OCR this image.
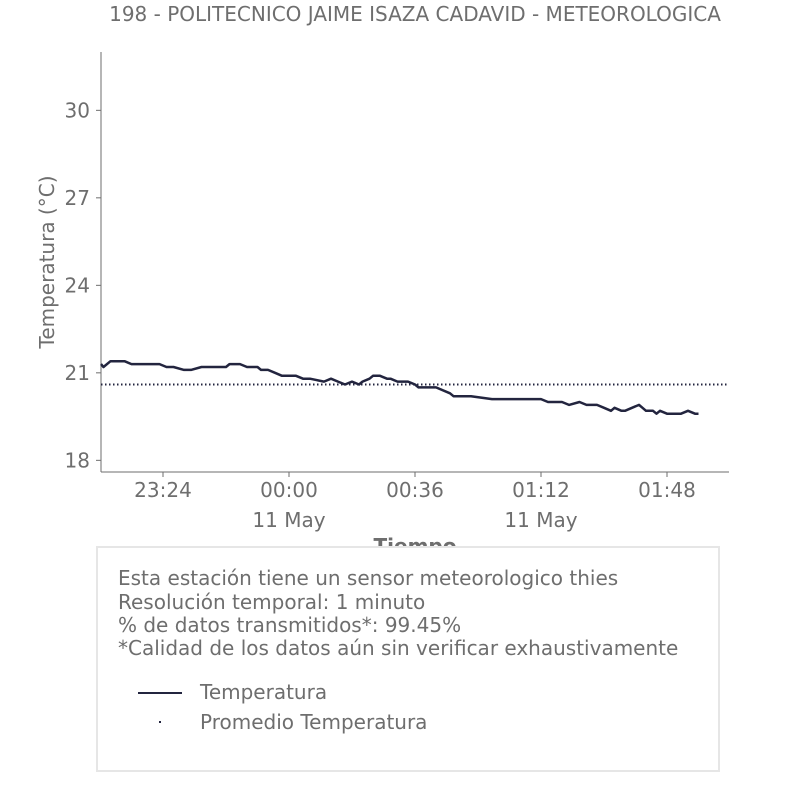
198 - POLITECNICO JAIME ISAZA CADAVID - METEOROLOGICA
18
21
24
27
30
23:24	00:00
11 May
00:36	01:12
11 May
01:48
Temperatura (°C)
Esta estación tiene un sensor meteorologico thies
Resolución temporal: 1 minuto
% de datos transmitidos*: 99.45%
*Calidad de los datos aún sin verificar exhaustivamente
Temperatura
Promedio Temperatura
